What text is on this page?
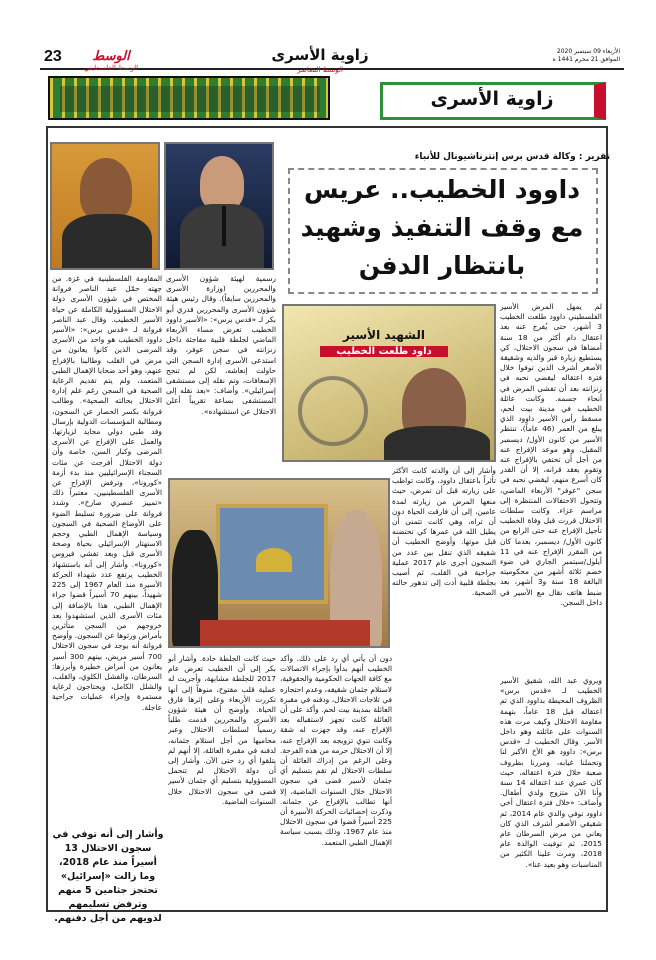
23	الوسط
الوسط الفلسطيني
زاوية الأسرى
الوسط المعاصر
الأربعاء 09 سبتمبر 2020
الموافق 21 محرم 1441 ه
زاوية الأسرى
تقرير : وكالة قدس برس إنترناشيونال للأنباء
داوود الخطيب.. عريس
مع وقف التنفيذ وشهيد
بانتظار الدفن
الشهيد الأسير
داود طلعت الخطيب

لم يمهل المرض الأسير الفلسطيني داوود طلعت الخطيب 3 أشهر، حتى يُفرج عنه بعد اعتقال دام أكثر من 18 سنة أمضاها في سجون الاحتلال، كي يستطيع زيارة قبر والديه وشقيقة الأصغر أشرف الذين توفوا خلال فترة اعتقاله ليقضي نحبه في زنزانته بعد أن تفشى المرض في أنحاء جسمه. وكانت عائلة الخطيب في مدينة بيت لحم، مسقط رأس الأسير داوود الذي يبلغ من العمر (46 عاماً)، تنتظر الأسير من كانون الأول/ ديسمبر المقبل، وهو موعد الإفراج عنه من أجل أن تحتفي بالإفراج عنه وتقوم بعقد قرانه، إلا أن القدر كان أسرع منهم، ليقضي نحبه في سجن "عوفر" الأربعاء الماضي، وتتحول الاحتفالات المنتظرة إلى مراسم عزاء. وكانت سلطات الاحتلال قررت قبل وفاة الخطيب تأجيل الإفراج عنه حتى الرابع من كانون الأول/ ديسمبر، بعدما كان من المقرر الإفراج عنه في 11 أيلول/سبتمبر الجاري في ضوء خصم ثلاثة أشهر من محكوميته البالغة 18 سنة و3 أشهر، بعد ضبط هاتف نقال مع الأسير في داخل السجن.

ويروي عبد الله، شقيق الأسير الخطيب لـ «قدس برس» الظروف المحيطة بداوود الذي تم اعتقاله قبل 18 عاماً، بتهمة مقاومة الاحتلال وكيف مرت هذه السنوات على عائلته وهو داخل الأسر. وقال الخطيب لـ «قدس برس»: داوود هو الأخ الأكبر لنا وتحملنا غيابه، ومررنا بظروف صعبة خلال فترة اعتقاله، حيث كان عمري عند اعتقاله 14 سنة وأنا الآن متزوج ولدي أطفال. وأضاف: «خلال فترة اعتقال أخي داوود توفي والدي عام 2014، ثم شقيقي الأصغر أشرف الذي كان يعاني من مرض السرطان عام 2015، ثم توفيت الوالدة عام 2018، ومرت علينا الكثير من المناسبات وهو بعيد عنا».

وأشار إلى أن والدته كانت الأكثر تأثراً باعتقال داوود، وكانت تواظب على زيارته قبل أن تمرض، حيث منعها المرض من زيارته لمدة عامين، إلى أن فارقت الحياة دون أن تراه، وهي كانت تتمنى أن يطيل الله في عمرها كي تحتضنه قبل موتها. وأوضح الخطيب أن شقيقه الذي تنقل بين عدد من السجون أجرى عام 2017 عملية جراحية في القلب، ثم أصيب بجلطة قلبية أدت إلى تدهور حالته الصحية.

دون أن يأتي أي رد على ذلك. وأكد الخطيب أنهم بدأوا بإجراء الاتصالات مع كافة الجهات الحكومية والحقوقية، لاستلام جثمان شقيقه، وعدم احتجازه في ثلاجات الاحتلال، ودفنه في مقبرة العائلة بمدينة بيت لحم. وأكد على أن العائلة كانت تجهز لاستقباله بعد الإفراج عنه، وقد جهزت له شقة وكانت تنوي تزويجه بعد الإفراج عنه، إلا أن الاحتلال حرمه من هذه الفرحة. وعلى الرغم من إدراك العائلة أن سلطات الاحتلال لم تقم بتسليم أي جثمان لأسير قضى في سجون الاحتلال خلال السنوات الماضية، إلا أنها تطالب بالإفراج عن جثمانه. وذكرت إحصائيات الحركة الأسيرة أن 225 أسيراً قضوا في سجون الاحتلال منذ عام 1967، وذلك بسبب سياسة الإهمال الطبي المتعمد.

حيث كانت الجلطة حادة. وأشار أبو بكر إلى أن الخطيب تعرض عام 2017 للجلطة مشابهة، وأجريت له عملية قلب مفتوح، منوهاً إلى أنها تكررت الأربعاء وعلى إثرها فارق الحياة. وأوضح أن هيئة شؤون الأسرى والمحررين قدمت طلباً رسمياً لسلطات الاحتلال وعبر محاميها من أجل استلام جثمانه، لدفنه في مقبرة العائلة، إلا أنهم لم يتلقوا أي رد حتى الآن. وأشار إلى أن دولة الاحتلال لم تتحمل المسؤولية بتسليم أي جثمان لأسير قضى في سجون الاحتلال خلال السنوات الماضية.

رسمية لهيئة شؤون الأسرى والمحررين (وزارة الأسرى والمحررين سابقاً). وقال رئيس هيئة شؤون الأسرى والمحررين قدري أبو بكر لـ «قدس برس»: «الأسير داوود الخطيب تعرض مساء الأربعاء الماضي لجلطة قلبية مفاجئة داخل زنزانته في سجن عوفر، وقد استدعى الأسرى إدارة السجن التي حاولت إنعاشه، لكن لم تنجح الإسعافات، وتم نقله إلى مستشفى إسرائيلي». وأضاف: «بعد نقله إلى المستشفى بساعة تقريباً أعلن الاحتلال عن استشهاده».

المقاومة الفلسطينية في غزة. من جهته حمّل عبد الناصر فروانة المختص في شؤون الأسرى دولة الاحتلال المسؤولية الكاملة عن حياة الأسير الخطيب. وقال عبد الناصر فروانة لـ «قدس برس»: «الأسير داوود الخطيب هو واحد من الأسرى المرضى الذين كانوا يعانون من مرض في القلب وطالبنا بالإفراج عنهم، وهو أحد ضحايا الإهمال الطبي المتعمد، ولم يتم تقديم الرعاية الصحية في السجن رغم علم إدارة الاحتلال بحالته الصحية». وطالب فروانة بكسر الحصار عن السجون، ومطالبة المؤسسات الدولية بإرسال وفد طبي دولي محايد لزيارتها، والعمل على الإفراج عن الأسرى المرضى وكبار السن، خاصة وأن دولة الاحتلال أفرجت عن مئات السجناء الإسرائيليين منذ بدء أزمة «كورونا»، وترفض الإفراج عن الأسرى الفلسطينيين، معتبراً ذلك «تمييز عنصري صارخ». وشدد فروانة على ضرورة تسليط الضوء على الأوضاع الصحية في السجون وسياسة الإهمال الطبي وحجم الاستهتار الإسرائيلي بحياة وصحة الأسرى قبل وبعد تفشي فيروس «كورونا». وأشار إلى أنه باستشهاد الخطيب يرتفع عدد شهداء الحركة الأسيرة منذ العام 1967 إلى 225 شهيداً، بينهم 70 أسيراً قضوا جراء الإهمال الطبي، هذا بالإضافة إلى مئات الأسرى الذين استشهدوا بعد خروجهم من السجن متأثرين بأمراض ورثوها عن السجون. وأوضح فروانة أنه يوجد في سجون الاحتلال 700 أسير مريض، بينهم 300 أسير يعانون من أمراض خطيرة وأبرزها: السرطان، والفشل الكلوي، والقلب، والشلل الكامل، ويحتاجون لرعاية مستمرة وإجراء عمليات جراحية عاجلة.

وأشار إلى أنه توفي في سجون الاحتلال 13 أسيراً منذ عام 2018، وما زالت «إسرائيل» تحتجز جثامين 5 منهم وترفض تسليمهم لذويهم من أجل دفنهم.
